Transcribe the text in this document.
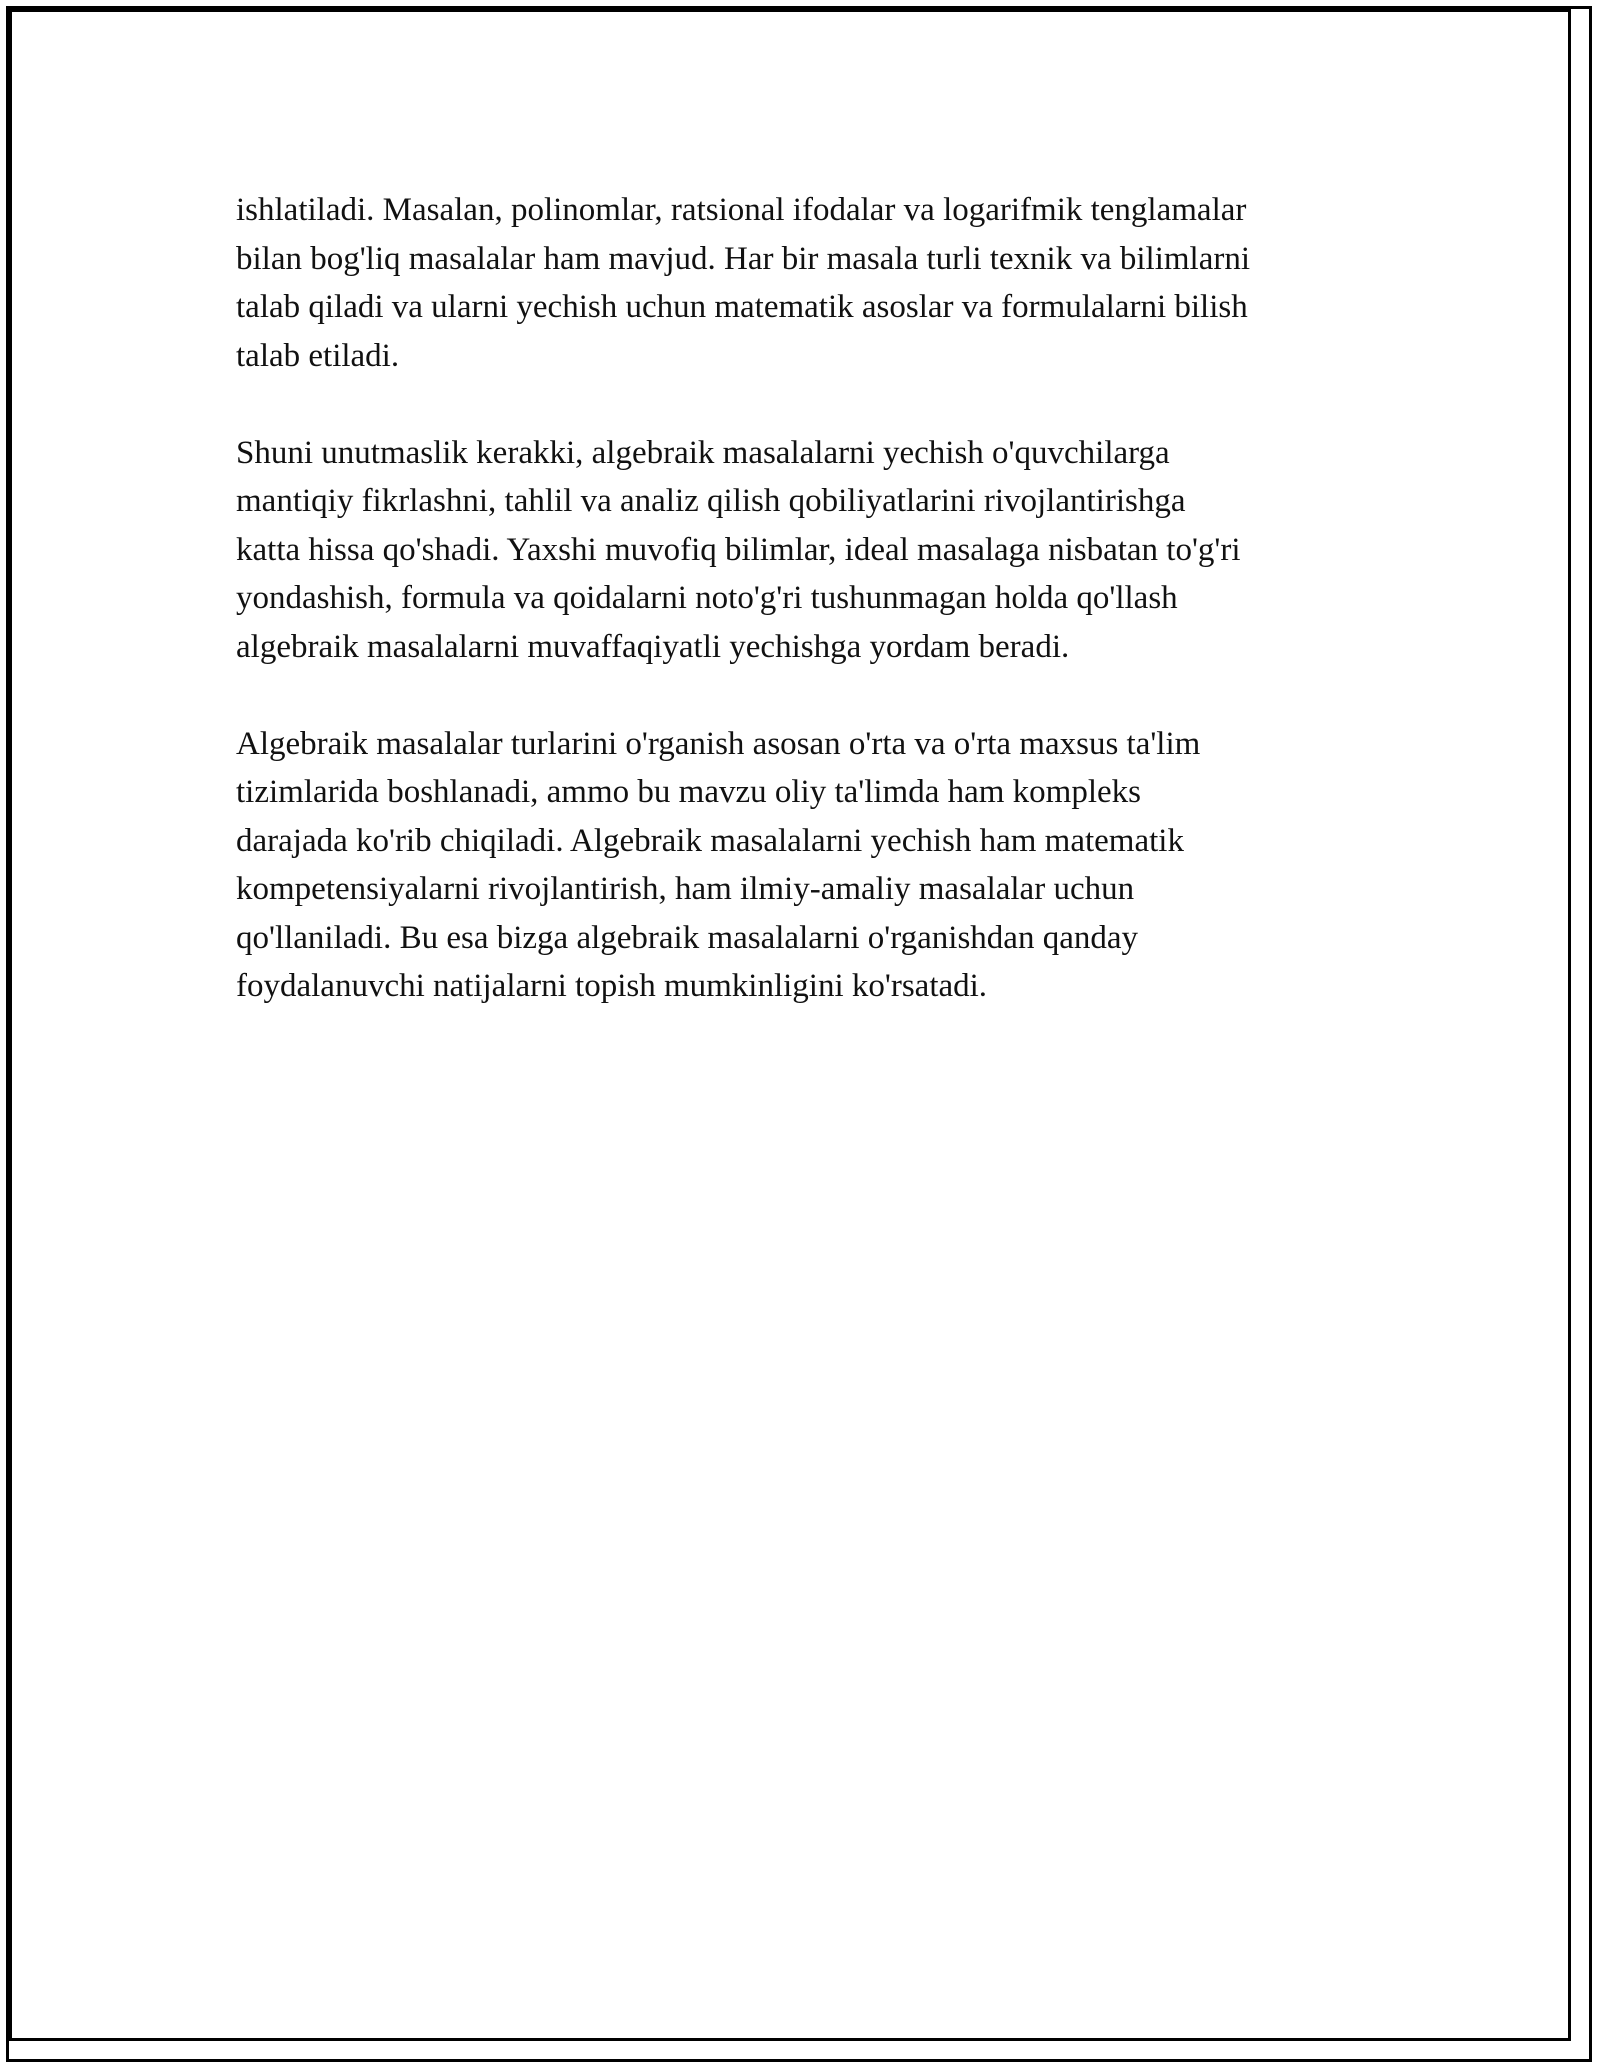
ishlatiladi. Masalan, polinomlar, ratsional ifodalar va logarifmik tenglamalar
bilan bog'liq masalalar ham mavjud. Har bir masala turli texnik va bilimlarni
talab qiladi va ularni yechish uchun matematik asoslar va formulalarni bilish
talab etiladi.

Shuni unutmaslik kerakki, algebraik masalalarni yechish o'quvchilarga
mantiqiy fikrlashni, tahlil va analiz qilish qobiliyatlarini rivojlantirishga
katta hissa qo'shadi. Yaxshi muvofiq bilimlar, ideal masalaga nisbatan to'g'ri
yondashish, formula va qoidalarni noto'g'ri tushunmagan holda qo'llash
algebraik masalalarni muvaffaqiyatli yechishga yordam beradi.

Algebraik masalalar turlarini o'rganish asosan o'rta va o'rta maxsus ta'lim
tizimlarida boshlanadi, ammo bu mavzu oliy ta'limda ham kompleks
darajada ko'rib chiqiladi. Algebraik masalalarni yechish ham matematik
kompetensiyalarni rivojlantirish, ham ilmiy-amaliy masalalar uchun
qo'llaniladi. Bu esa bizga algebraik masalalarni o'rganishdan qanday
foydalanuvchi natijalarni topish mumkinligini ko'rsatadi.
